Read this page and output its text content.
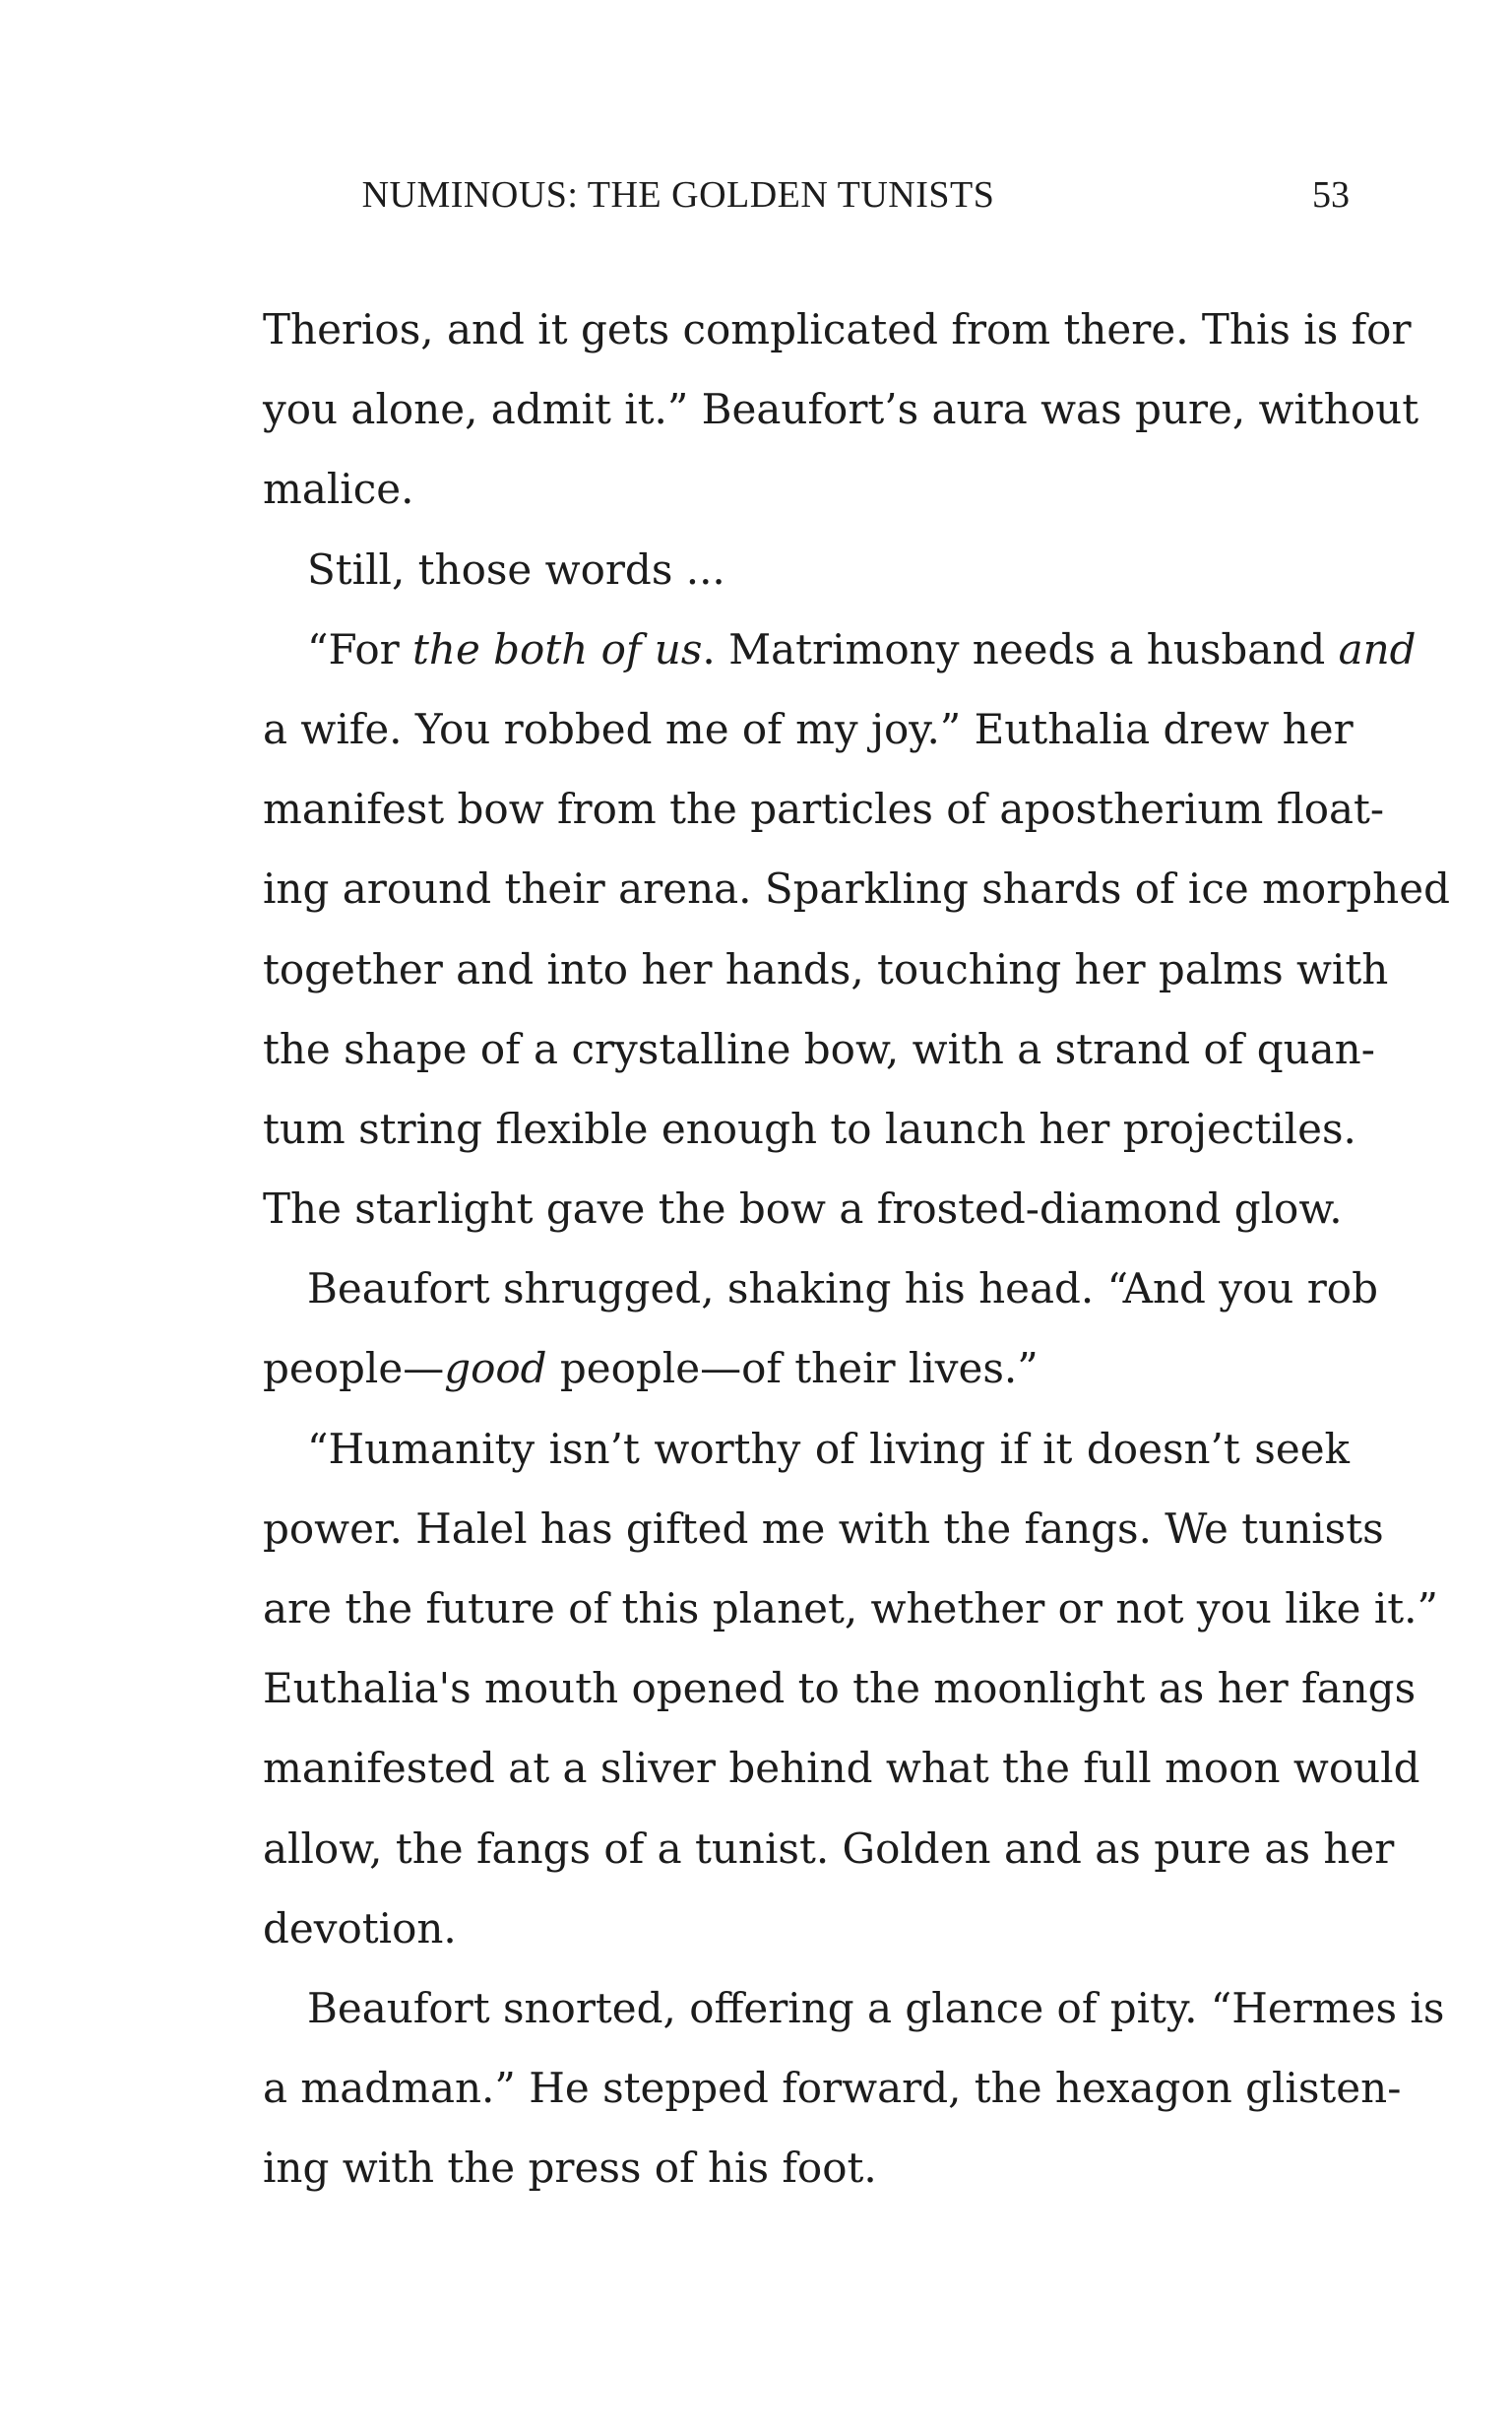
NUMINOUS: THE GOLDEN TUNISTS	53
Therios, and it gets complicated from there. This is for
you alone, admit it.” Beaufort’s aura was pure, without
malice.
Still, those words ...
“For the both of us. Matrimony needs a husband and
a wife. You robbed me of my joy.” Euthalia drew her
manifest bow from the particles of apostherium float-
ing around their arena. Sparkling shards of ice morphed
together and into her hands, touching her palms with
the shape of a crystalline bow, with a strand of quan-
tum string flexible enough to launch her projectiles.
The starlight gave the bow a frosted-diamond glow.
Beaufort shrugged, shaking his head. “And you rob
people—good people—of their lives.”
“Humanity isn’t worthy of living if it doesn’t seek
power. Halel has gifted me with the fangs. We tunists
are the future of this planet, whether or not you like it.”
Euthalia's mouth opened to the moonlight as her fangs
manifested at a sliver behind what the full moon would
allow, the fangs of a tunist. Golden and as pure as her
devotion.
Beaufort snorted, offering a glance of pity. “Hermes is
a madman.” He stepped forward, the hexagon glisten-
ing with the press of his foot.
